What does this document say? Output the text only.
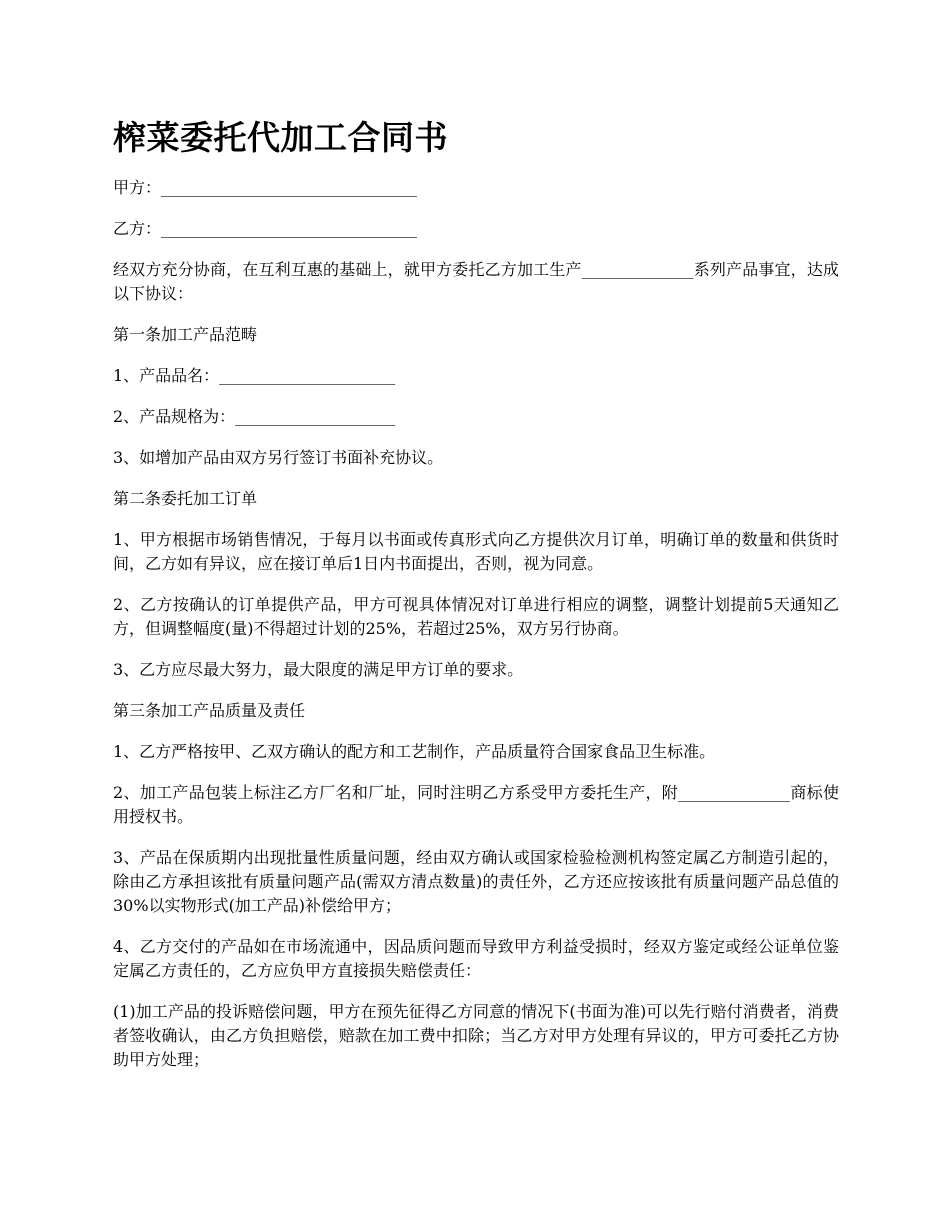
榨菜委托代加工合同书

甲方：________________________________

乙方：________________________________

经双方充分协商，在互利互惠的基础上，就甲方委托乙方加工生产______________系列产品事宜，达成以下协议：

第一条加工产品范畴

1、产品品名：______________________

2、产品规格为：____________________

3、如增加产品由双方另行签订书面补充协议。

第二条委托加工订单

1、甲方根据市场销售情况，于每月以书面或传真形式向乙方提供次月订单，明确订单的数量和供货时间，乙方如有异议，应在接订单后1日内书面提出，否则，视为同意。

2、乙方按确认的订单提供产品，甲方可视具体情况对订单进行相应的调整，调整计划提前5天通知乙方，但调整幅度(量)不得超过计划的25%，若超过25%，双方另行协商。

3、乙方应尽最大努力，最大限度的满足甲方订单的要求。

第三条加工产品质量及责任

1、乙方严格按甲、乙双方确认的配方和工艺制作，产品质量符合国家食品卫生标准。

2、加工产品包装上标注乙方厂名和厂址，同时注明乙方系受甲方委托生产，附______________商标使用授权书。

3、产品在保质期内出现批量性质量问题，经由双方确认或国家检验检测机构签定属乙方制造引起的，除由乙方承担该批有质量问题产品(需双方清点数量)的责任外，乙方还应按该批有质量问题产品总值的30%以实物形式(加工产品)补偿给甲方；

4、乙方交付的产品如在市场流通中，因品质问题而导致甲方利益受损时，经双方鉴定或经公证单位鉴定属乙方责任的，乙方应负甲方直接损失赔偿责任：

(1)加工产品的投诉赔偿问题，甲方在预先征得乙方同意的情况下(书面为准)可以先行赔付消费者，消费者签收确认，由乙方负担赔偿，赔款在加工费中扣除；当乙方对甲方处理有异议的，甲方可委托乙方协助甲方处理；
